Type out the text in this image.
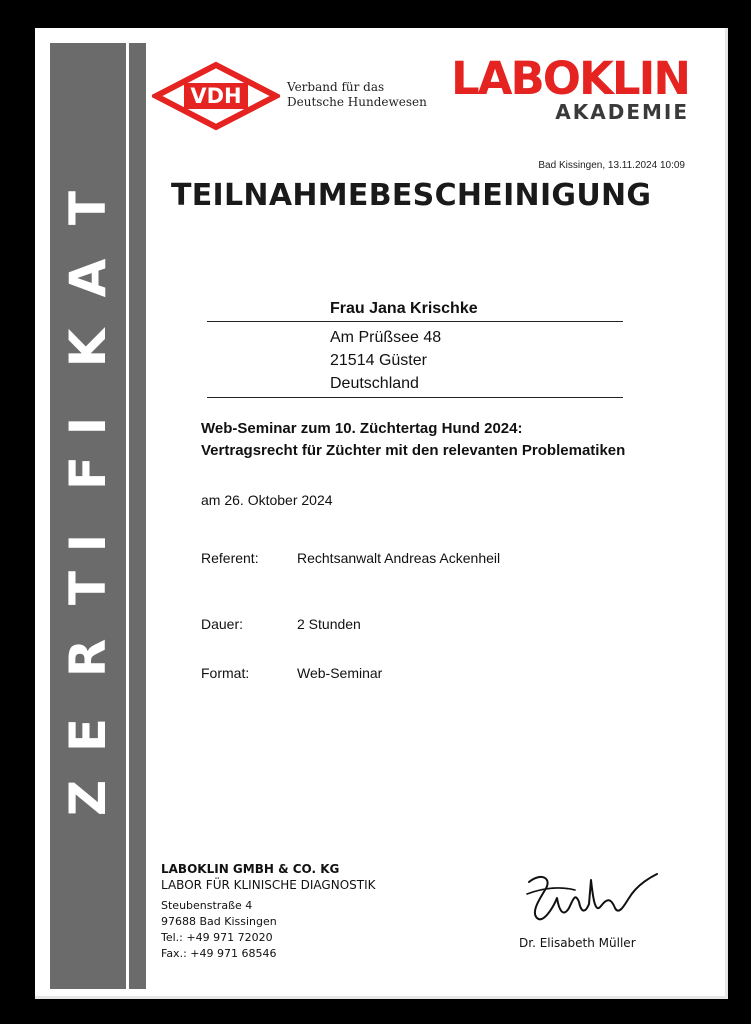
Z
E
R
T
I
F
I
K
A
T
VDH	Verband für das
Deutsche Hundewesen LABOKLIN
AKADEMIE
Bad Kissingen, 13.11.2024 10:09
TEILNAHMEBESCHEINIGUNG
Frau Jana Krischke
Am Prüßsee 48
21514 Güster
Deutschland
Web-Seminar zum 10. Züchtertag Hund 2024:
Vertragsrecht für Züchter mit den relevanten Problematiken
am 26. Oktober 2024
Referent:	Rechtsanwalt Andreas Ackenheil
Dauer:	2 Stunden
Format:	Web-Seminar
LABOKLIN GMBH & CO. KG
LABOR FÜR KLINISCHE DIAGNOSTIK
Steubenstraße 4
97688 Bad Kissingen
Tel.: +49 971 72020
Fax.: +49 971 68546
Dr. Elisabeth Müller
